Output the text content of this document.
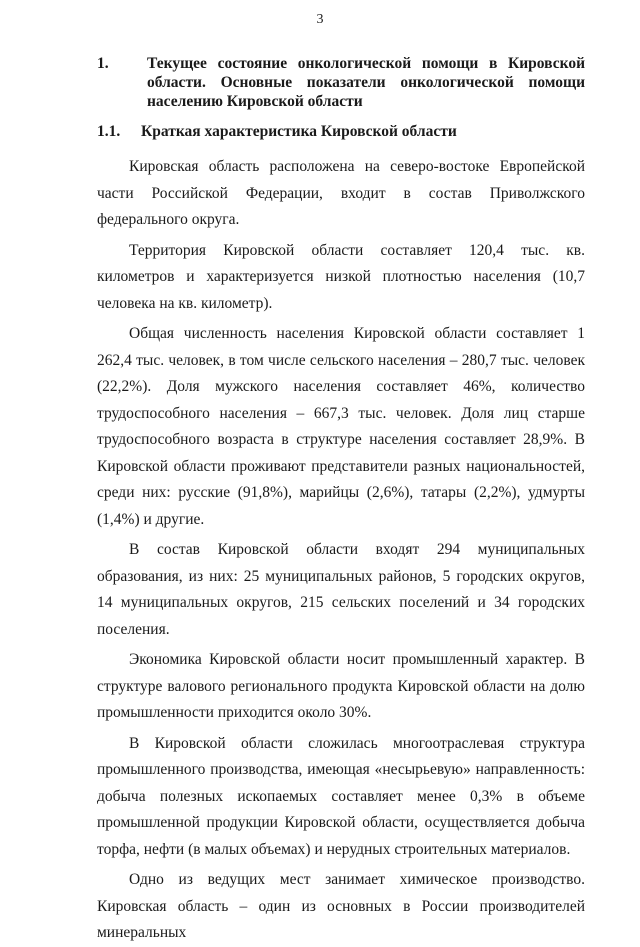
3
1. Текущее состояние онкологической помощи в Кировской области. Основные показатели онкологической помощи населению Кировской области
1.1. Краткая характеристика Кировской области

Кировская область расположена на северо-востоке Европейской части Российской Федерации, входит в состав Приволжского федерального округа.

Территория Кировской области составляет 120,4 тыс. кв. километров и характеризуется низкой плотностью населения (10,7 человека на кв. километр).

Общая численность населения Кировской области составляет 1 262,4 тыс. человек, в том числе сельского населения – 280,7 тыс. человек (22,2%). Доля мужского населения составляет 46%, количество трудоспособного населения – 667,3 тыс. человек. Доля лиц старше трудоспособного возраста в структуре населения составляет 28,9%. В Кировской области проживают представители разных национальностей, среди них: русские (91,8%), марийцы (2,6%), татары (2,2%), удмурты (1,4%) и другие.

В состав Кировской области входят 294 муниципальных образования, из них: 25 муниципальных районов, 5 городских округов, 14 муниципальных округов, 215 сельских поселений и 34 городских поселения.

Экономика Кировской области носит промышленный характер. В структуре валового регионального продукта Кировской области на долю промышленности приходится около 30%.

В Кировской области сложилась многоотраслевая структура промышленного производства, имеющая «несырьевую» направленность: добыча полезных ископаемых составляет менее 0,3% в объеме промышленной продукции Кировской области, осуществляется добыча торфа, нефти (в малых объемах) и нерудных строительных материалов.

Одно из ведущих мест занимает химическое производство. Кировская область – один из основных в России производителей минеральных
